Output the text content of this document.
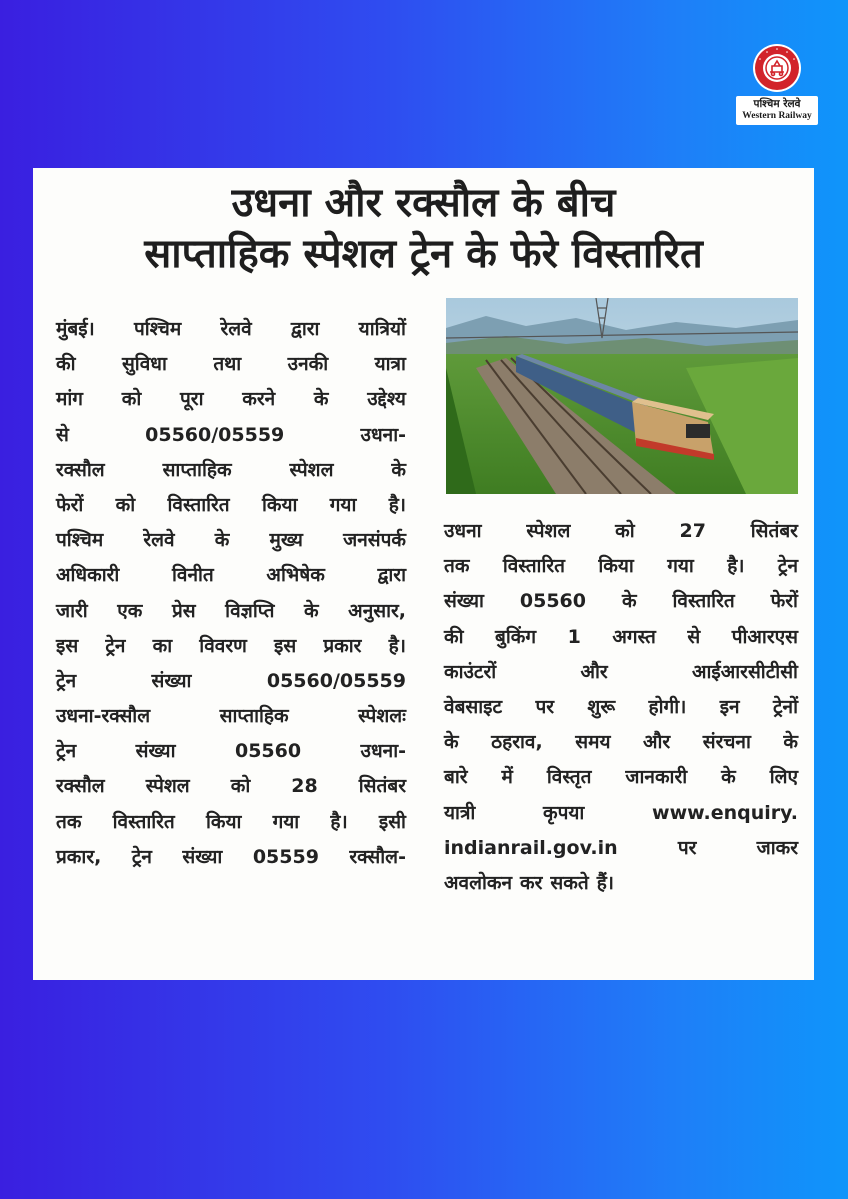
पश्चिम रेलवे
Western Railway
उधना और रक्सौल के बीच
साप्ताहिक स्पेशल ट्रेन के फेरे विस्तारित
मुंबई। पश्चिम रेलवे द्वारा यात्रियों
की सुविधा तथा उनकी यात्रा
मांग को पूरा करने के उद्देश्य
से	05560/05559	उधना-
रक्सौल	साप्ताहिक	स्पेशल	के
फेरों को विस्तारित किया गया है।
पश्चिम रेलवे के मुख्य जनसंपर्क
अधिकारी	विनीत	अभिषेक	द्वारा
जारी एक प्रेस विज्ञप्ति के अनुसार,
इस ट्रेन का विवरण इस प्रकार है।
ट्रेन	संख्या	05560/05559
उधना-रक्सौल	साप्ताहिक	स्पेशलः
ट्रेन	संख्या	05560	उधना-
रक्सौल स्पेशल को 28 सितंबर
तक विस्तारित किया गया है। इसी
प्रकार, ट्रेन संख्या 05559 रक्सौल-
उधना स्पेशल को 27 सितंबर
तक विस्तारित किया गया है। ट्रेन
संख्या 05560 के विस्तारित फेरों
की बुकिंग 1 अगस्त से पीआरएस
काउंटरों	और	आईआरसीटीसी
वेबसाइट पर शुरू होगी। इन ट्रेनों
के ठहराव, समय और संरचना के
बारे में विस्तृत जानकारी के लिए
यात्री	कृपया	www.enquiry.
indianrail.gov.in	पर	जाकर
अवलोकन कर सकते हैं।
